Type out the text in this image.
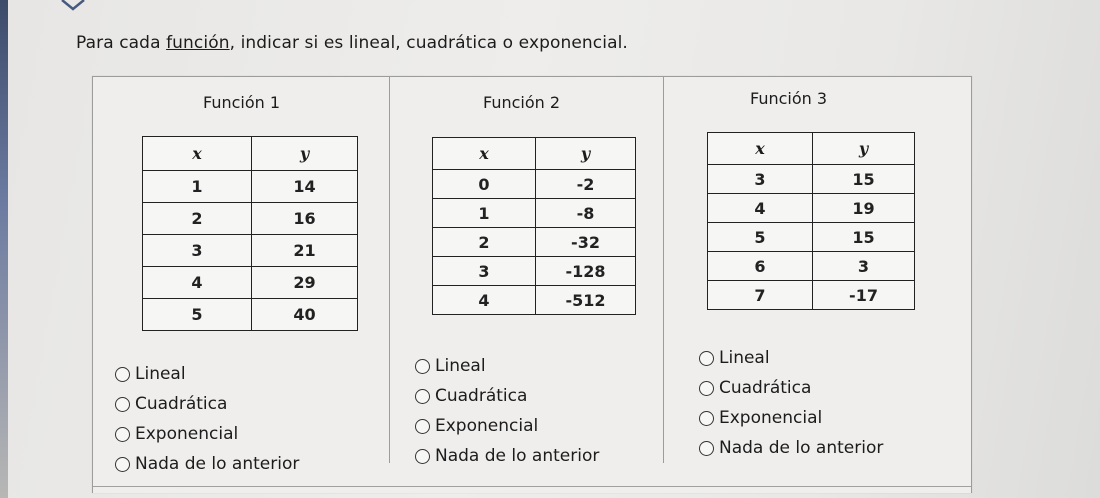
Para cada función, indicar si es lineal, cuadrática o exponencial.
Función 1
x	y
1	14
2	16
3	21
4	29
5	40
Función 2
x	y
0	-2
1	-8
2	-32
3	-128
4	-512
Función 3
x	y
3	15
4	19
5	15
6	3
7	-17
Lineal
Cuadrática
Exponencial
Nada de lo anterior
Lineal
Cuadrática
Exponencial
Nada de lo anterior
Lineal
Cuadrática
Exponencial
Nada de lo anterior
